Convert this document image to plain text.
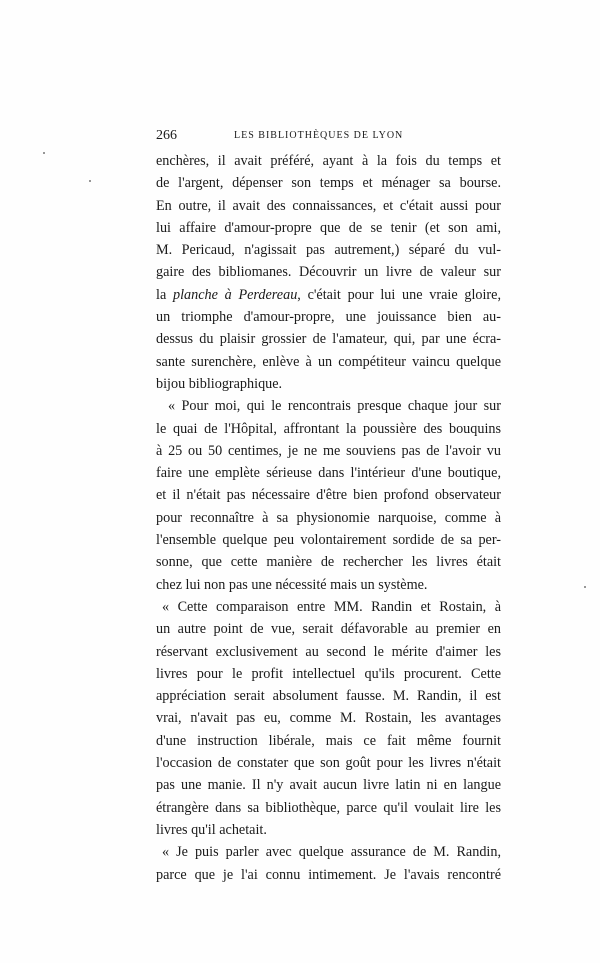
266	LES BIBLIOTHÈQUES DE LYON

enchères, il avait préféré, ayant à la fois du temps et
de l'argent, dépenser son temps et ménager sa bourse.
En outre, il avait des connaissances, et c'était aussi pour
lui affaire d'amour-propre que de se tenir (et son ami,
M. Pericaud, n'agissait pas autrement,) séparé du vul-
gaire des bibliomanes. Découvrir un livre de valeur sur
la planche à Perdereau, c'était pour lui une vraie gloire,
un triomphe d'amour-propre, une jouissance bien au-
dessus du plaisir grossier de l'amateur, qui, par une écra-
sante surenchère, enlève à un compétiteur vaincu quelque
bijou bibliographique.

« Pour moi, qui le rencontrais presque chaque jour sur
le quai de l'Hôpital, affrontant la poussière des bouquins
à 25 ou 50 centimes, je ne me souviens pas de l'avoir vu
faire une emplète sérieuse dans l'intérieur d'une boutique,
et il n'était pas nécessaire d'être bien profond observateur
pour reconnaître à sa physionomie narquoise, comme à
l'ensemble quelque peu volontairement sordide de sa per-
sonne, que cette manière de rechercher les livres était
chez lui non pas une nécessité mais un système.

« Cette comparaison entre MM. Randin et Rostain, à
un autre point de vue, serait défavorable au premier en
réservant exclusivement au second le mérite d'aimer les
livres pour le profit intellectuel qu'ils procurent. Cette
appréciation serait absolument fausse. M. Randin, il est
vrai, n'avait pas eu, comme M. Rostain, les avantages
d'une instruction libérale, mais ce fait même fournit
l'occasion de constater que son goût pour les livres n'était
pas une manie. Il n'y avait aucun livre latin ni en langue
étrangère dans sa bibliothèque, parce qu'il voulait lire les
livres qu'il achetait.

« Je puis parler avec quelque assurance de M. Randin,
parce que je l'ai connu intimement. Je l'avais rencontré
